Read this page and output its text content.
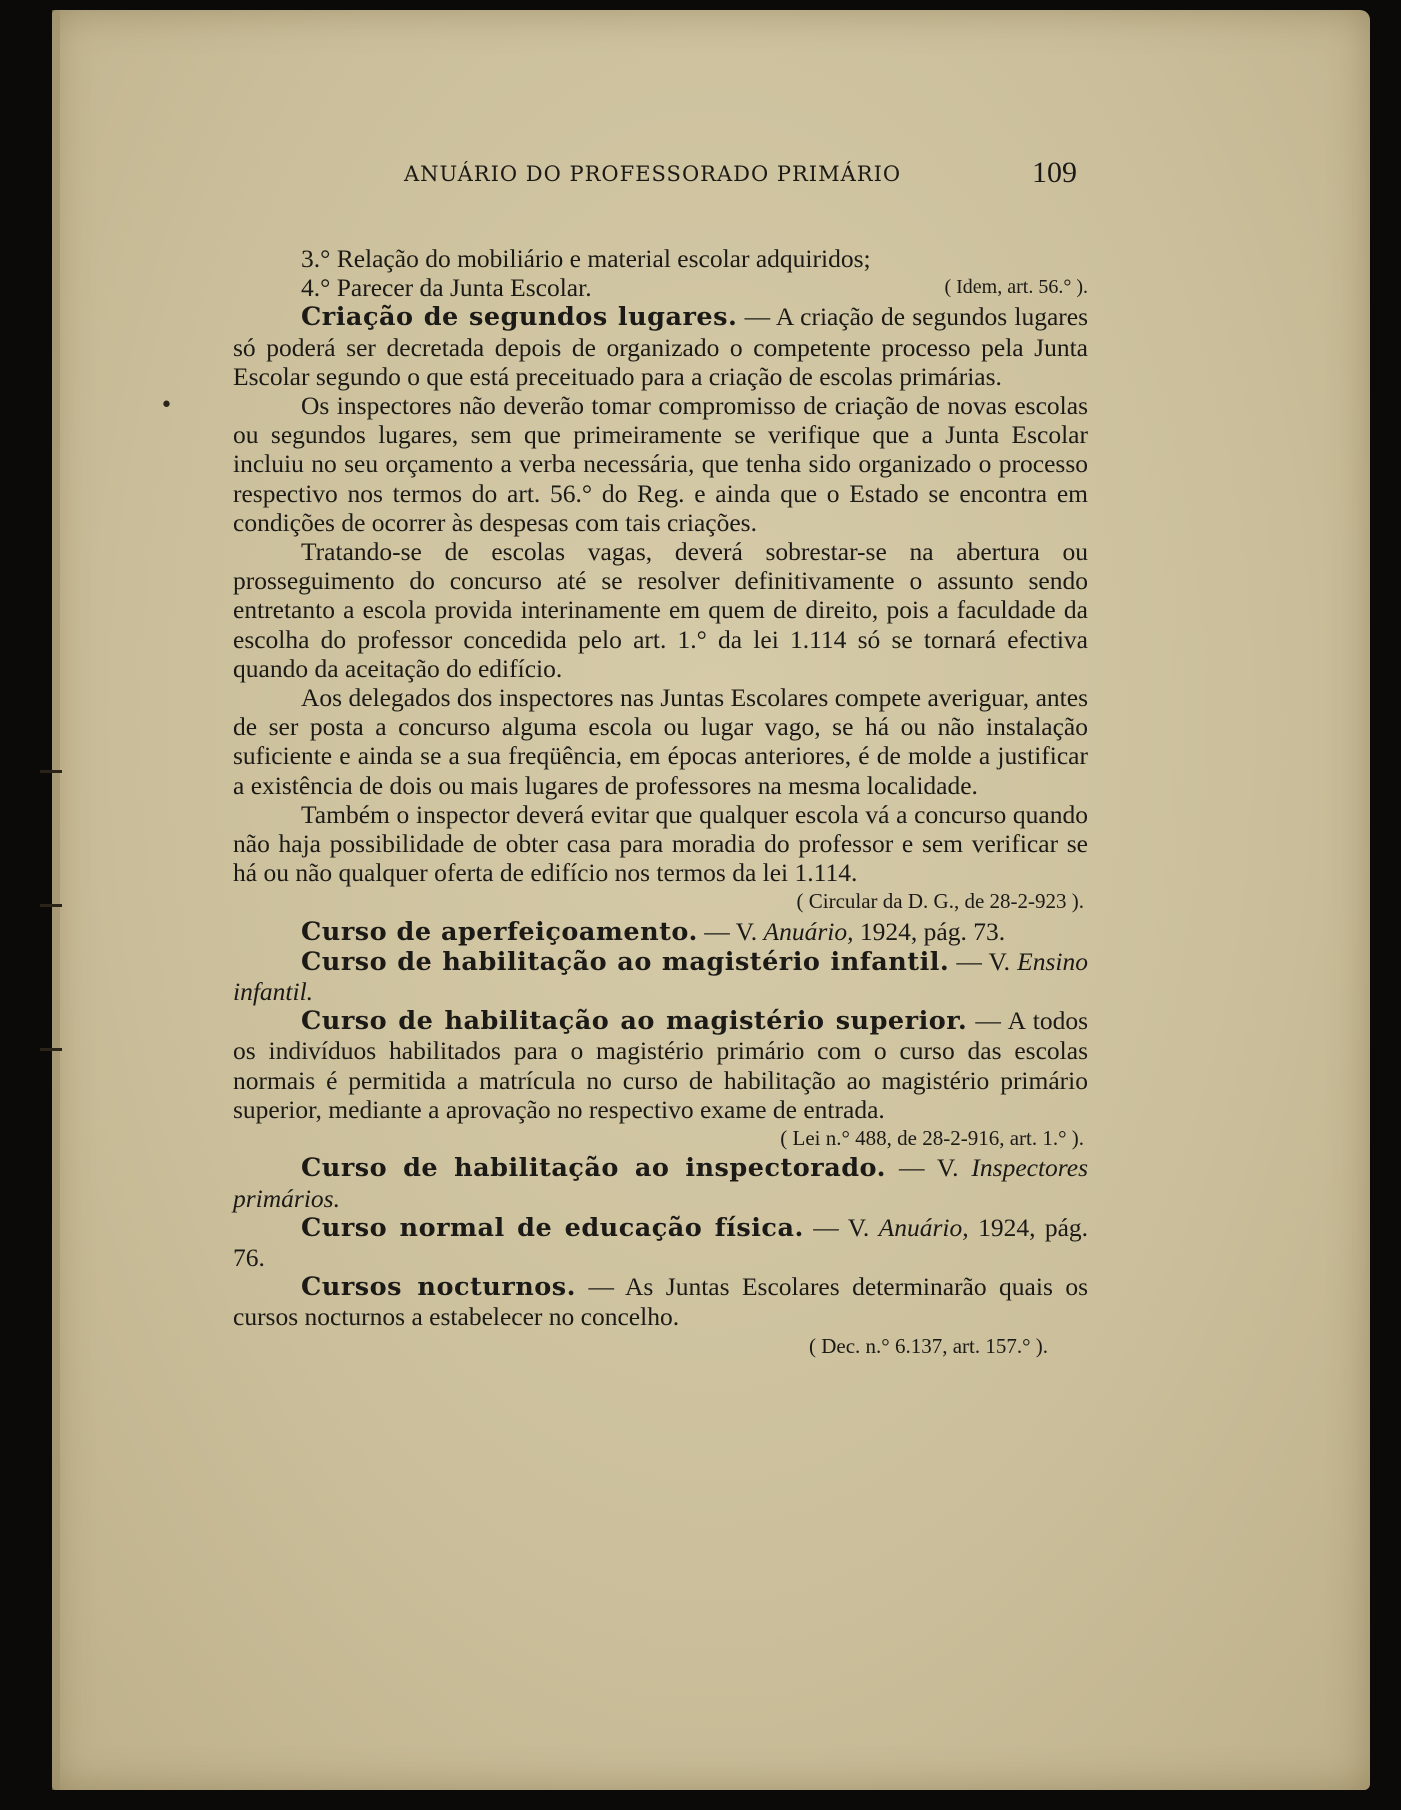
•
ANUÁRIO DO PROFESSORADO PRIMÁRIO	109

3.° Relação do mobiliário e material escolar adquiridos;

4.° Parecer da Junta Escolar.	( Idem, art. 56.° ).

Criação de segundos lugares. — A criação de segundos lugares só poderá ser decretada depois de organizado o competente processo pela Junta Escolar segundo o que está preceituado para a criação de escolas primárias.

Os inspectores não deverão tomar compromisso de criação de novas escolas ou segundos lugares, sem que primeiramente se verifique que a Junta Escolar incluiu no seu orçamento a verba necessária, que tenha sido organizado o processo respectivo nos termos do art. 56.° do Reg. e ainda que o Estado se encontra em condições de ocorrer às despesas com tais criações.

Tratando-se de escolas vagas, deverá sobrestar-se na abertura ou prosseguimento do concurso até se resolver definitivamente o assunto sendo entretanto a escola provida interinamente em quem de direito, pois a faculdade da escolha do professor concedida pelo art. 1.° da lei 1.114 só se tornará efectiva quando da aceitação do edifício.

Aos delegados dos inspectores nas Juntas Escolares compete averiguar, antes de ser posta a concurso alguma escola ou lugar vago, se há ou não instalação suficiente e ainda se a sua freqüência, em épocas anteriores, é de molde a justificar a existência de dois ou mais lugares de professores na mesma localidade.

Também o inspector deverá evitar que qualquer escola vá a concurso quando não haja possibilidade de obter casa para moradia do professor e sem verificar se há ou não qualquer oferta de edifício nos termos da lei 1.114.

( Circular da D. G., de 28-2-923 ).

Curso de aperfeiçoamento. — V. Anuário, 1924, pág. 73.

Curso de habilitação ao magistério infantil. — V. Ensino infantil.

Curso de habilitação ao magistério superior. — A todos os indivíduos habilitados para o magistério primário com o curso das escolas normais é permitida a matrícula no curso de habilitação ao magistério primário superior, mediante a aprovação no respectivo exame de entrada.

( Lei n.° 488, de 28-2-916, art. 1.° ).

Curso de habilitação ao inspectorado. — V. Inspectores primários.

Curso normal de educação física. — V. Anuário, 1924, pág. 76.

Cursos nocturnos. — As Juntas Escolares determinarão quais os cursos nocturnos a estabelecer no concelho.

( Dec. n.° 6.137, art. 157.° ).
